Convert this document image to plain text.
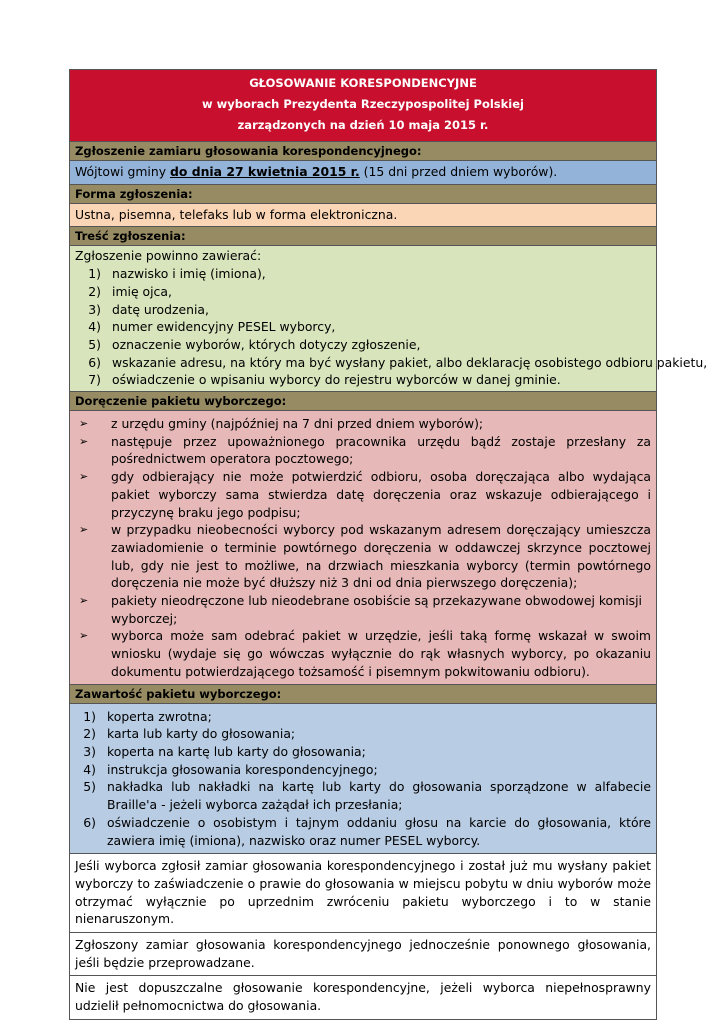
GŁOSOWANIE KORESPONDENCYJNE
w wyborach Prezydenta Rzeczypospolitej Polskiej
zarządzonych na dzień 10 maja 2015 r.
Zgłoszenie zamiaru głosowania korespondencyjnego:
Wójtowi gminy do dnia 27 kwietnia 2015 r. (15 dni przed dniem wyborów).
Forma zgłoszenia:
Ustna, pisemna, telefaks lub w forma elektroniczna.
Treść zgłoszenia:
Zgłoszenie powinno zawierać:
1) nazwisko i imię (imiona),
2) imię ojca,
3) datę urodzenia,
4) numer ewidencyjny PESEL wyborcy,
5) oznaczenie wyborów, których dotyczy zgłoszenie,
6) wskazanie adresu, na który ma być wysłany pakiet, albo deklarację osobistego odbioru pakietu,
7) oświadczenie o wpisaniu wyborcy do rejestru wyborców w danej gminie.
Doręczenie pakietu wyborczego:
➢	z urzędu gminy (najpóźniej na 7 dni przed dniem wyborów);
➢	następuje przez upoważnionego pracownika urzędu bądź zostaje przesłany za pośrednictwem operatora pocztowego;
➢	gdy odbierający nie może potwierdzić odbioru, osoba doręczająca albo wydająca pakiet wyborczy sama stwierdza datę doręczenia oraz wskazuje odbierającego i przyczynę braku jego podpisu;
➢	w przypadku nieobecności wyborcy pod wskazanym adresem doręczający umieszcza zawiadomienie o terminie powtórnego doręczenia w oddawczej skrzynce pocztowej lub, gdy nie jest to możliwe, na drzwiach mieszkania wyborcy (termin powtórnego doręczenia nie może być dłuższy niż 3 dni od dnia pierwszego doręczenia);
➢	pakiety nieodręczone lub nieodebrane osobiście są przekazywane obwodowej komisji wyborczej;
➢	wyborca może sam odebrać pakiet w urzędzie, jeśli taką formę wskazał w swoim wniosku (wydaje się go wówczas wyłącznie do rąk własnych wyborcy, po okazaniu dokumentu potwierdzającego tożsamość i pisemnym pokwitowaniu odbioru).
Zawartość pakietu wyborczego:
1) koperta zwrotna;
2) karta lub karty do głosowania;
3) koperta na kartę lub karty do głosowania;
4) instrukcja głosowania korespondencyjnego;
5) nakładka lub nakładki na kartę lub karty do głosowania sporządzone w alfabecie Braille'a - jeżeli wyborca zażądał ich przesłania;
6) oświadczenie o osobistym i tajnym oddaniu głosu na karcie do głosowania, które zawiera imię (imiona), nazwisko oraz numer PESEL wyborcy.
Jeśli wyborca zgłosił zamiar głosowania korespondencyjnego i został już mu wysłany pakiet wyborczy to zaświadczenie o prawie do głosowania w miejscu pobytu w dniu wyborów może otrzymać wyłącznie po uprzednim zwróceniu pakietu wyborczego i to w stanie nienaruszonym.
Zgłoszony zamiar głosowania korespondencyjnego jednocześnie ponownego głosowania, jeśli będzie przeprowadzane.
Nie jest dopuszczalne głosowanie korespondencyjne, jeżeli wyborca niepełnosprawny udzielił pełnomocnictwa do głosowania.
